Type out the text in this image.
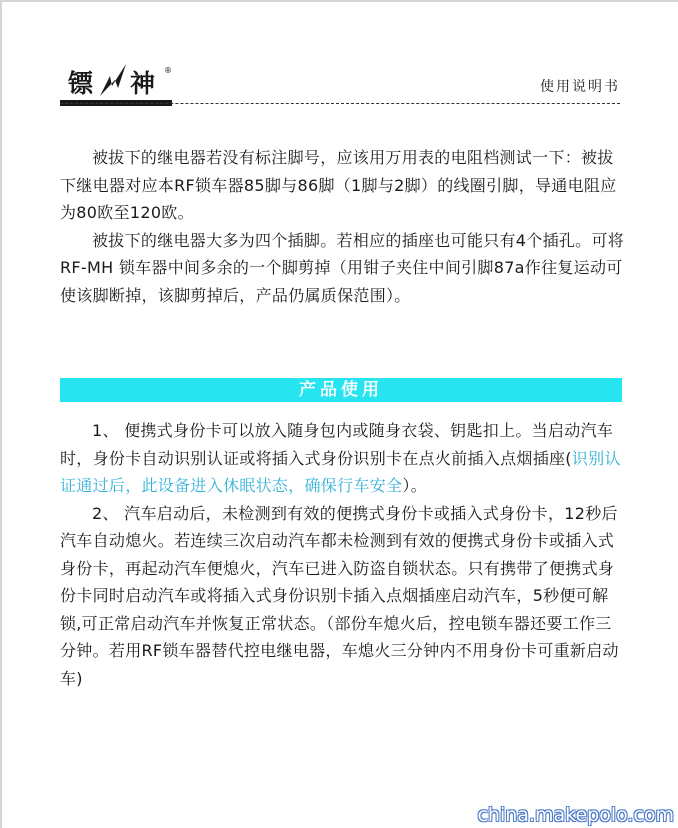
镖 神 ®
使用说明书

被拔下的继电器若没有标注脚号，应该用万用表的电阻档测试一下：被拔下继电器对应本RF锁车器85脚与86脚（1脚与2脚）的线圈引脚，导通电阻应为80欧至120欧。

被拔下的继电器大多为四个插脚。若相应的插座也可能只有4个插孔。可将 RF-MH 锁车器中间多余的一个脚剪掉（用钳子夹住中间引脚87a作往复运动可使该脚断掉，该脚剪掉后，产品仍属质保范围）。

产品使用

1、 便携式身份卡可以放入随身包内或随身衣袋、钥匙扣上。当启动汽车时，身份卡自动识别认证或将插入式身份识别卡在点火前插入点烟插座(识别认证通过后，此设备进入休眠状态，确保行车安全）。

2、 汽车启动后，未检测到有效的便携式身份卡或插入式身份卡，12秒后汽车自动熄火。若连续三次启动汽车都未检测到有效的便携式身份卡或插入式身份卡，再起动汽车便熄火，汽车已进入防盗自锁状态。只有携带了便携式身份卡同时启动汽车或将插入式身份识别卡插入点烟插座启动汽车，5秒便可解锁,可正常启动汽车并恢复正常状态。（部份车熄火后，控电锁车器还要工作三分钟。若用RF锁车器替代控电继电器，车熄火三分钟内不用身份卡可重新启动车)

china.makepolo.com
